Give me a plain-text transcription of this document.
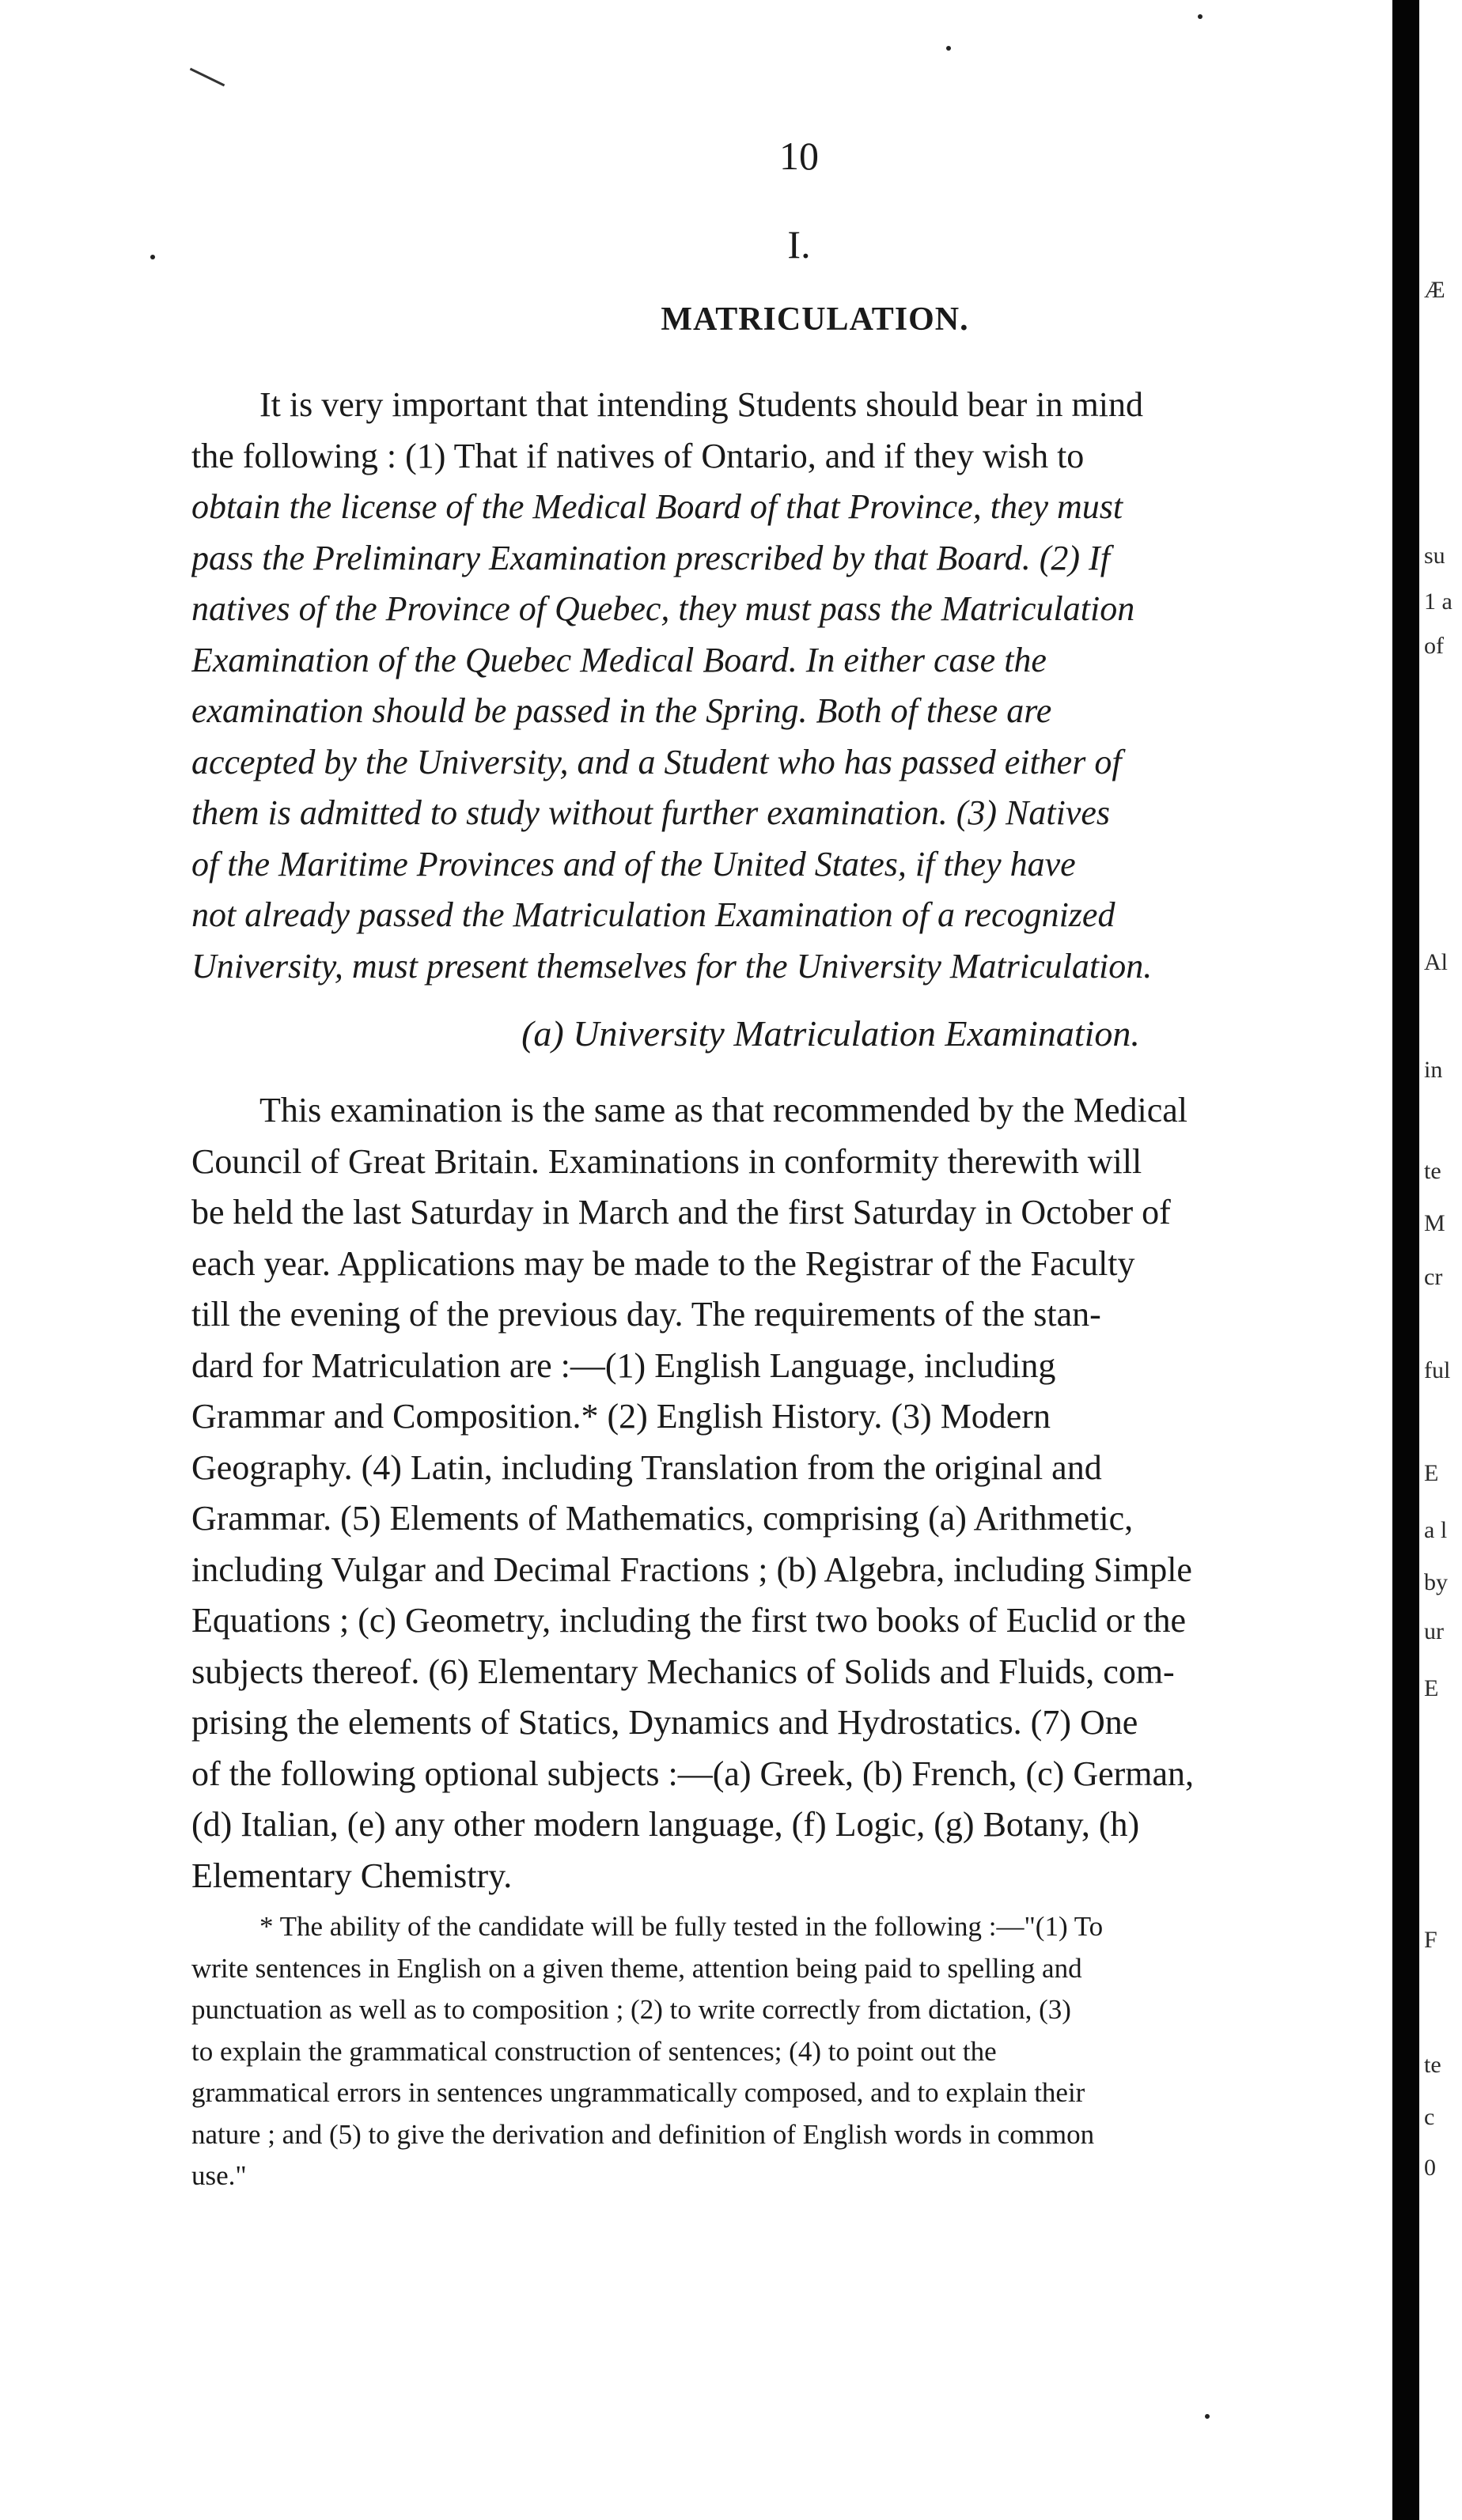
10
I.
MATRICULATION.
It is very important that intending Students should bear in mind
the following : (1) That if natives of Ontario, and if they wish to
obtain the license of the Medical Board of that Province, they must
pass the Preliminary Examination prescribed by that Board. (2) If
natives of the Province of Quebec, they must pass the Matriculation
Examination of the Quebec Medical Board. In either case the
examination should be passed in the Spring. Both of these are
accepted by the University, and a Student who has passed either of
them is admitted to study without further examination. (3) Natives
of the Maritime Provinces and of the United States, if they have
not already passed the Matriculation Examination of a recognized
University, must present themselves for the University Matriculation.
(a) University Matriculation Examination.
This examination is the same as that recommended by the Medical
Council of Great Britain. Examinations in conformity therewith will
be held the last Saturday in March and the first Saturday in October of
each year. Applications may be made to the Registrar of the Faculty
till the evening of the previous day. The requirements of the stan-
dard for Matriculation are :—(1) English Language, including
Grammar and Composition.* (2) English History. (3) Modern
Geography. (4) Latin, including Translation from the original and
Grammar. (5) Elements of Mathematics, comprising (a) Arithmetic,
including Vulgar and Decimal Fractions ; (b) Algebra, including Simple
Equations ; (c) Geometry, including the first two books of Euclid or the
subjects thereof. (6) Elementary Mechanics of Solids and Fluids, com-
prising the elements of Statics, Dynamics and Hydrostatics. (7) One
of the following optional subjects :—(a) Greek, (b) French, (c) German,
(d) Italian, (e) any other modern language, (f) Logic, (g) Botany, (h)
Elementary Chemistry.
* The ability of the candidate will be fully tested in the following :—"(1) To
write sentences in English on a given theme, attention being paid to spelling and
punctuation as well as to composition ; (2) to write correctly from dictation, (3)
to explain the grammatical construction of sentences; (4) to point out the
grammatical errors in sentences ungrammatically composed, and to explain their
nature ; and (5) to give the derivation and definition of English words in common
use."
Æ
su
1 a
of
Al
in
te
M
cr
ful
E
a l
by
ur
E
F
te
c
0
